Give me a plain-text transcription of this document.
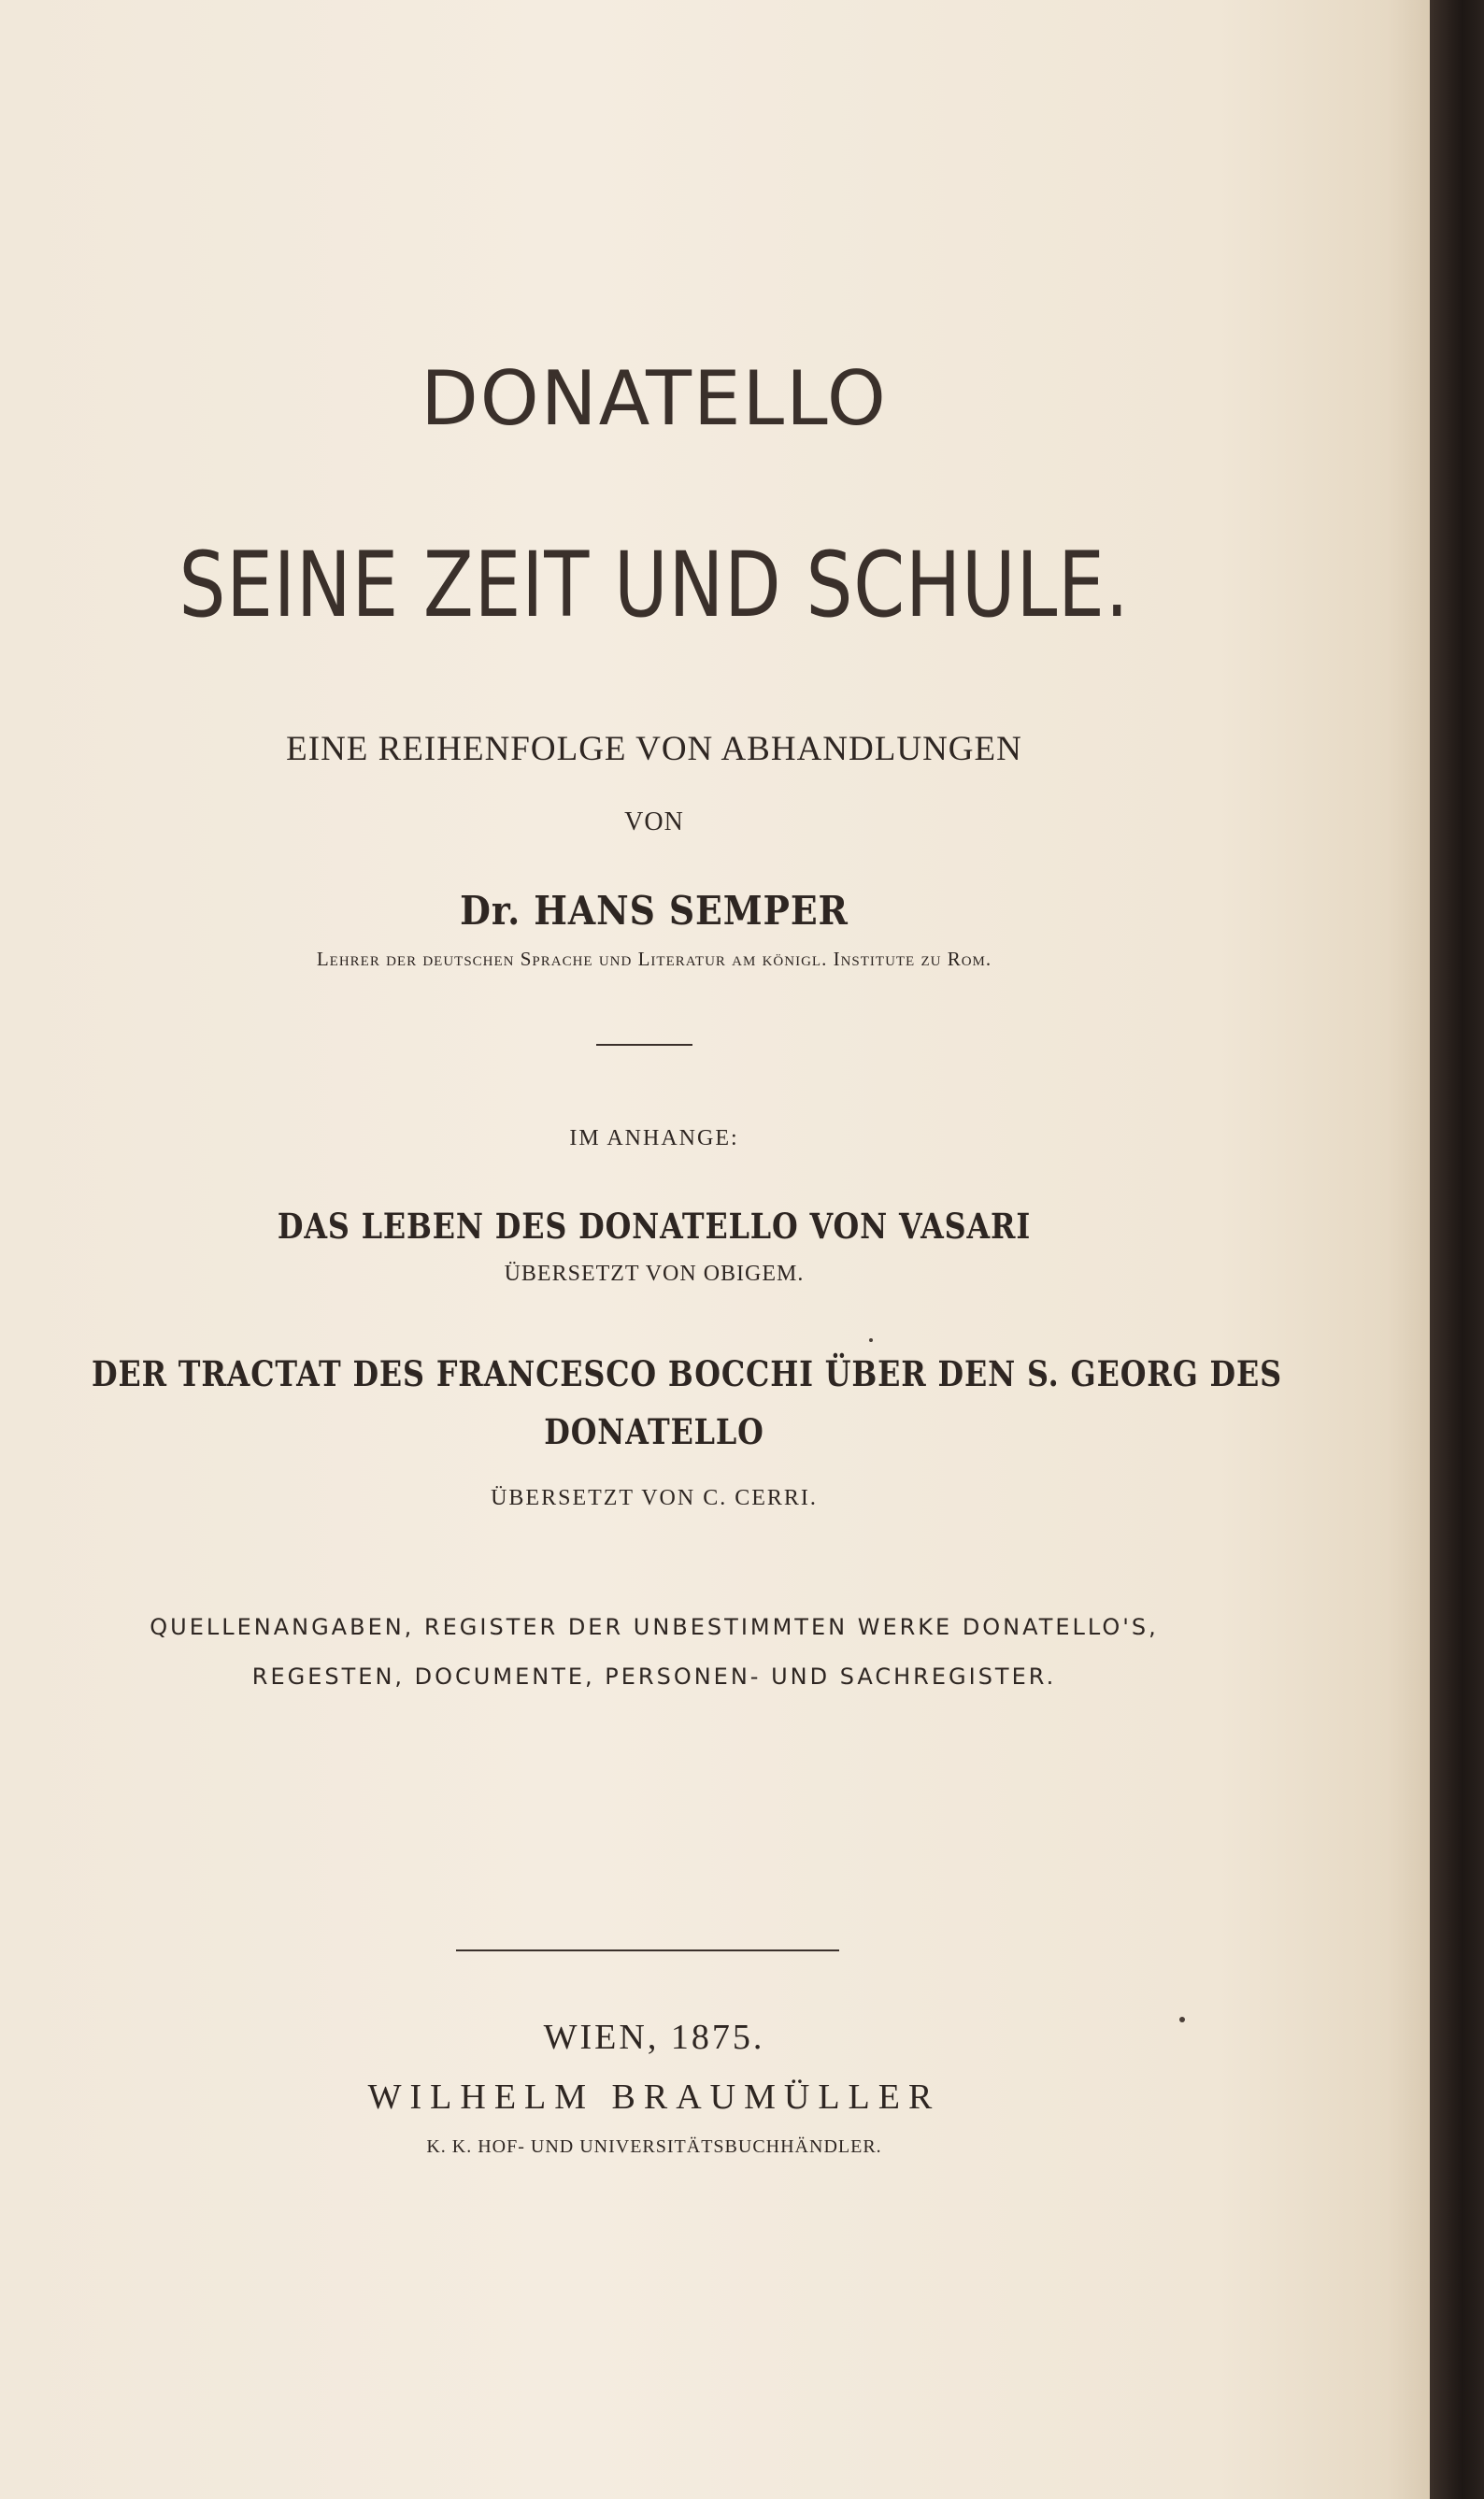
DONATELLO
SEINE ZEIT UND SCHULE.
EINE REIHENFOLGE VON ABHANDLUNGEN
VON
Dr. HANS SEMPER
Lehrer der deutschen Sprache und Literatur am königl. Institute zu Rom.
IM ANHANGE:
DAS LEBEN DES DONATELLO VON VASARI
ÜBERSETZT VON OBIGEM.
DER TRACTAT DES FRANCESCO BOCCHI ÜBER DEN S. GEORG DES
DONATELLO
ÜBERSETZT VON C. CERRI.
QUELLENANGABEN, REGISTER DER UNBESTIMMTEN WERKE DONATELLO'S,
REGESTEN, DOCUMENTE, PERSONEN- UND SACHREGISTER.
WIEN, 1875.
WILHELM BRAUMÜLLER
K. K. HOF- UND UNIVERSITÄTSBUCHHÄNDLER.
